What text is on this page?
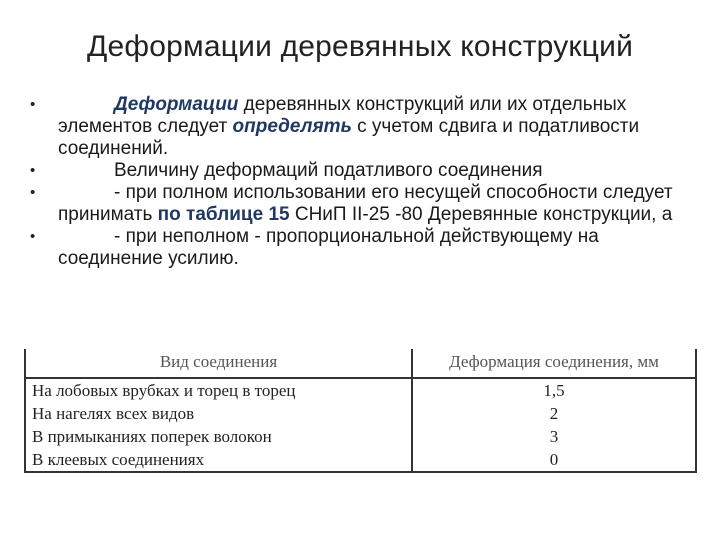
Деформации деревянных конструкций
•	Деформации деревянных конструкций или их отдельных элементов следует определять с учетом сдвига и податливости соединений.
•	Величину деформаций податливого соединения
•	- при полном использовании его несущей способности следует принимать по таблице 15 СНиП II-25 -80 Деревянные конструкции, а
•	- при неполном - пропорциональной действующему на соединение усилию.
Вид соединения	Деформация соединения, мм
На лобовых врубках и торец в торец	1,5
На нагелях всех видов	2
В примыканиях поперек волокон	3
В клеевых соединениях	0
